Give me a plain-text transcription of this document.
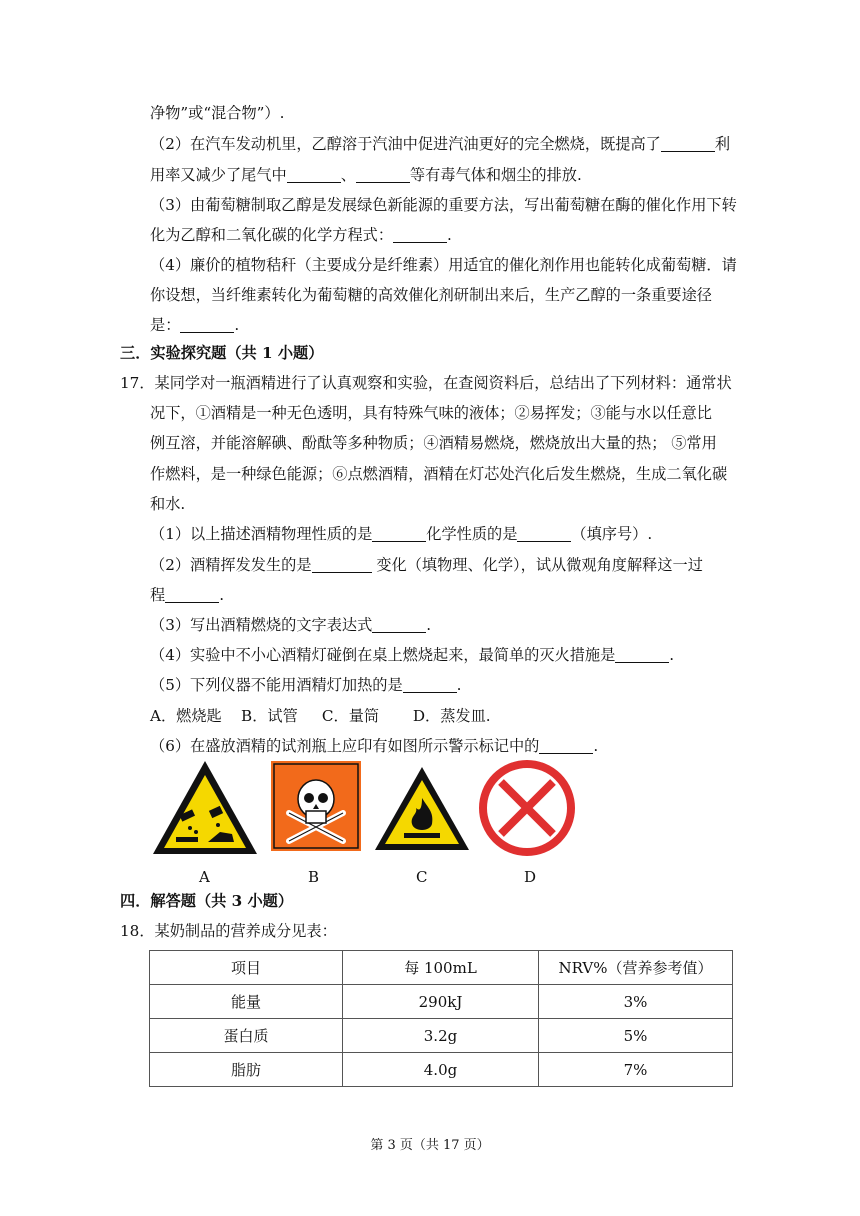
净物”或“混合物”）.
（2）在汽车发动机里，乙醇溶于汽油中促进汽油更好的完全燃烧，既提高了	利
用率又减少了尾气中	、	等有毒气体和烟尘的排放.
（3）由葡萄糖制取乙醇是发展绿色新能源的重要方法，写出葡萄糖在酶的催化作用下转
化为乙醇和二氧化碳的化学方程式：	.
（4）廉价的植物秸秆（主要成分是纤维素）用适宜的催化剂作用也能转化成葡萄糖．请
你设想，当纤维素转化为葡萄糖的高效催化剂研制出来后，生产乙醇的一条重要途径
是：	.
三．实验探究题（共 1 小题）
17．某同学对一瓶酒精进行了认真观察和实验，在查阅资料后，总结出了下列材料：通常状
况下，①酒精是一种无色透明，具有特殊气味的液体；②易挥发；③能与水以任意比
例互溶，并能溶解碘、酚酞等多种物质；④酒精易燃烧，燃烧放出大量的热； ⑤常用
作燃料，是一种绿色能源；⑥点燃酒精，酒精在灯芯处汽化后发生燃烧，生成二氧化碳
和水.
（1）以上描述酒精物理性质的是	化学性质的是	（填序号）.
（2）酒精挥发发生的是	变化（填物理、化学），试从微观角度解释这一过
程	.
（3）写出酒精燃烧的文字表达式	.
（4）实验中不小心酒精灯碰倒在桌上燃烧起来，最简单的灭火措施是	.
（5）下列仪器不能用酒精灯加热的是	.
A．燃烧匙    B．试管     C．量筒       D．蒸发皿.
（6）在盛放酒精的试剂瓶上应印有如图所示警示标记中的	.
A	B	C	D
四．解答题（共 3 小题）
18．某奶制品的营养成分见表：
项目	每 100mL	NRV%（营养参考值）
能量	290kJ	3%
蛋白质	3.2g	5%
脂肪	4.0g	7%
第 3 页（共 17 页）
